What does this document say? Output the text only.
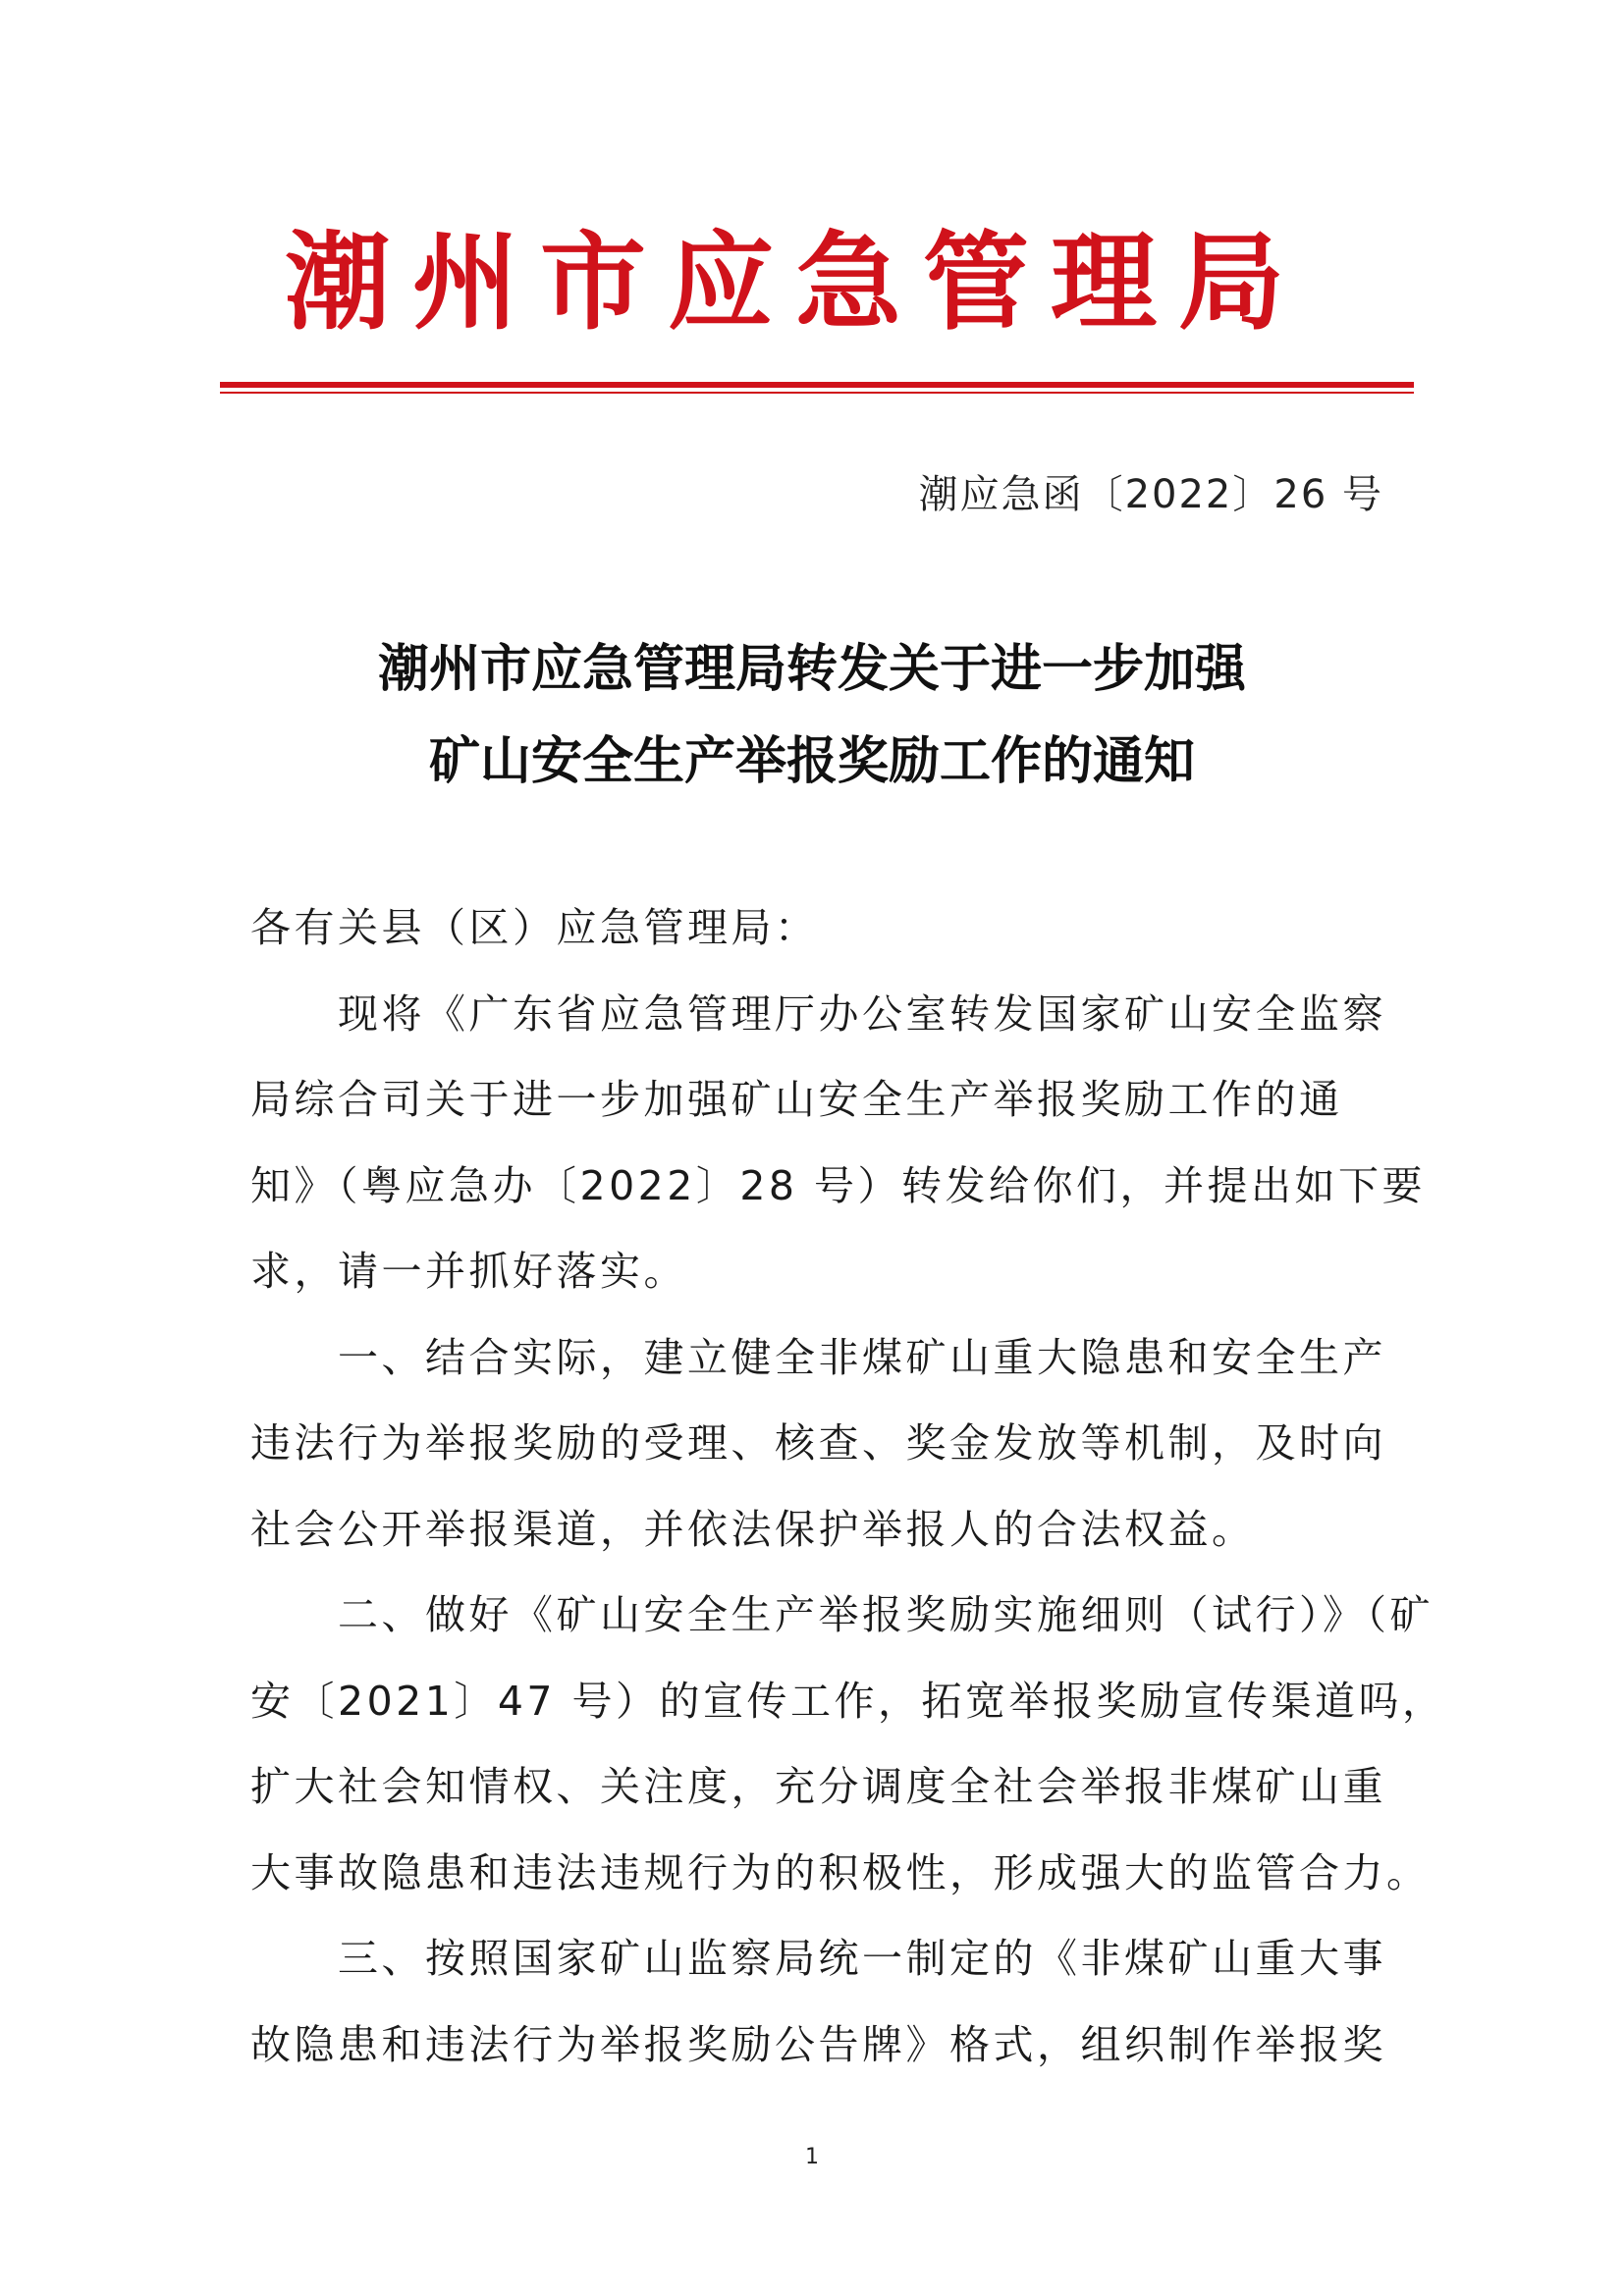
潮州市应急管理局
潮应急函〔2022〕26 号
潮州市应急管理局转发关于进一步加强
矿山安全生产举报奖励工作的通知
各有关县（区）应急管理局：
　　现将《广东省应急管理厅办公室转发国家矿山安全监察
局综合司关于进一步加强矿山安全生产举报奖励工作的通
知》（粤应急办〔2022〕28 号）转发给你们，并提出如下要
求，请一并抓好落实。
　　一、结合实际，建立健全非煤矿山重大隐患和安全生产
违法行为举报奖励的受理、核查、奖金发放等机制，及时向
社会公开举报渠道，并依法保护举报人的合法权益。
　　二、做好《矿山安全生产举报奖励实施细则（试行）》（矿
安〔2021〕47 号）的宣传工作，拓宽举报奖励宣传渠道吗，
扩大社会知情权、关注度，充分调度全社会举报非煤矿山重
大事故隐患和违法违规行为的积极性，形成强大的监管合力。
　　三、按照国家矿山监察局统一制定的《非煤矿山重大事
故隐患和违法行为举报奖励公告牌》格式，组织制作举报奖
1
